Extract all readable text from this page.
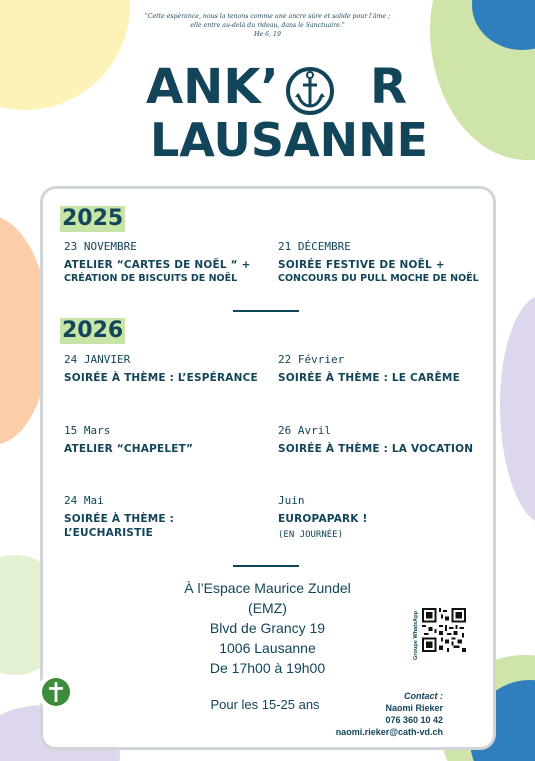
"Cette espérance, nous la tenons comme une ancre sûre et solide pour l'âme ;
elle entre au-delà du rideau, dans le Sanctuaire."
He 6, 19
ANK’ R
LAUSANNE
2025
23 NOVEMBRE
ATELIER “CARTES DE NOËL “ +
CRÉATION DE BISCUITS DE NOËL
21 DÉCEMBRE
SOIRÉE FESTIVE DE NOËL +
CONCOURS DU PULL MOCHE DE NOËL
2026
24 JANVIER
SOIRÉE À THÈME : L’ESPÉRANCE
22 Février
SOIRÉE À THÈME : LE CARÊME
15 Mars
ATELIER “CHAPELET”
26 Avril
SOIRÉE À THÈME : LA VOCATION
24 Mai
SOIRÉE À THÈME : L’EUCHARISTIE
Juin
EUROPAPARK !
(EN JOURNÉE)
À l’Espace Maurice Zundel
(EMZ)
Blvd de Grancy 19
1006 Lausanne
De 17h00 à 19h00
Pour les 15-25 ans
Groupe WhatsApp
Contact :
Naomi Rieker
076 360 10 42
naomi.rieker@cath-vd.ch
